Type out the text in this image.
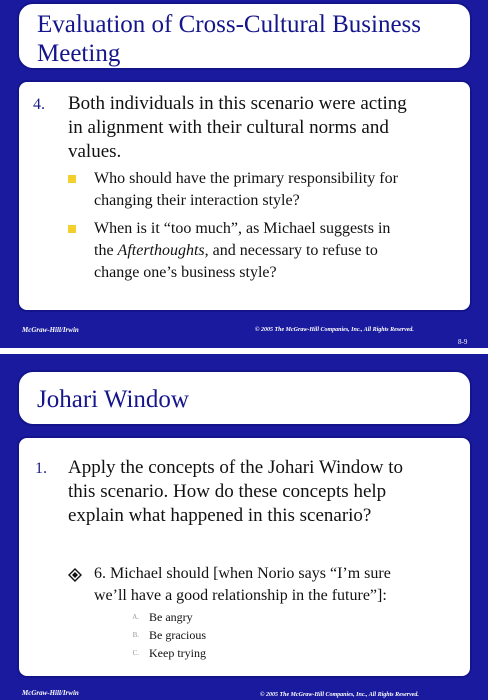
Evaluation of Cross-Cultural Business
Meeting
4. Both individuals in this scenario were acting
in alignment with their cultural norms and
values.
Who should have the primary responsibility for
changing their interaction style?
When is it “too much”, as Michael suggests in
the Afterthoughts, and necessary to refuse to
change one’s business style?
McGraw-Hill/Irwin	© 2005 The McGraw-Hill Companies, Inc., All Rights Reserved.
8-9
Johari Window
1. Apply the concepts of the Johari Window to
this scenario. How do these concepts help
explain what happened in this scenario?
6. Michael should [when Norio says “I’m sure
we’ll have a good relationship in the future”]:
A. Be angry
B. Be gracious
C. Keep trying
McGraw-Hill/Irwin	© 2005 The McGraw-Hill Companies, Inc., All Rights Reserved.
